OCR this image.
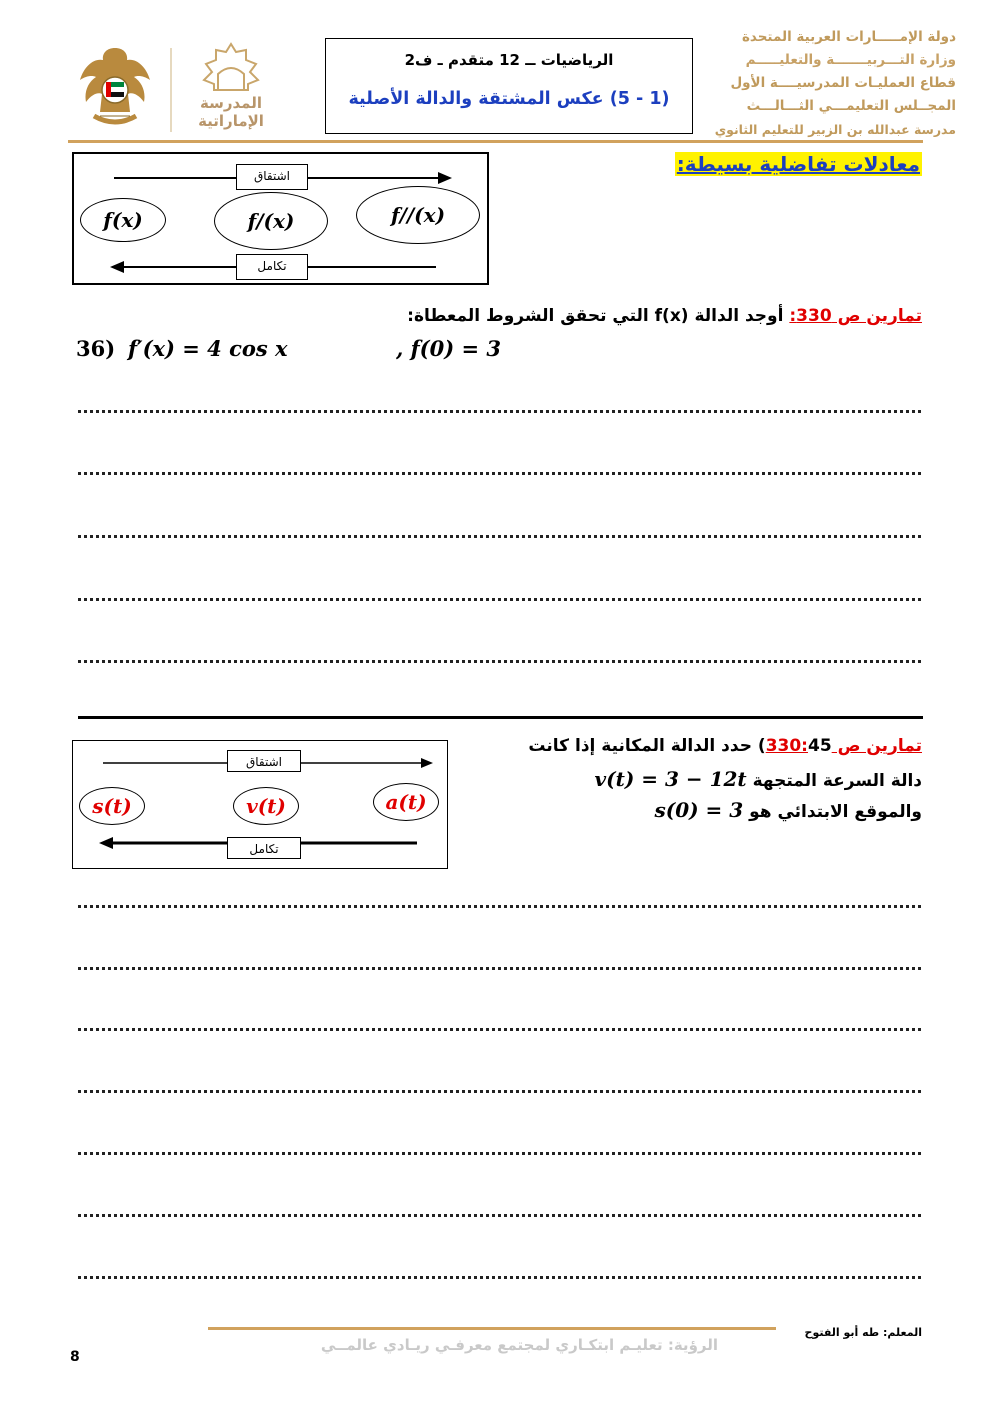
دولة الإمـــــارات العربية المتحدة
وزارة التـــربيـــــــة والتعليـــــم
قطاع العمليـات المدرسيــــة الأول
المجــلس التعليمـــي الثـــالـــث
مدرسة عبدالله بن الزبير للتعليم الثانوي
الرياضيات ــ 12 متقدم ـ ف2
(1 - 5) عكس المشتقة والدالة الأصلية
المدرسة
الإماراتية
معادلات تفاضلية بسيطة:
اشتقاق
تكامل
f(x)	f/(x)	f//(x)
تمارين ص 330: أوجد الدالة f(x) التي تحقق الشروط المعطاة:
36) f′(x) = 4 cos x	, f(0) = 3
تمارين ص 330:45) حدد الدالة المكانية إذا كانت
دالة السرعة المتجهة v(t) = 3 − 12t
والموقع الابتدائي هو s(0) = 3
اشتقاق
تكامل
s(t)	v(t)	a(t)
الرؤية: تعليـم ابتكـاري لمجتمع معرفـي ريـادي عالمــي
المعلم: طه أبو الفتوح
8
